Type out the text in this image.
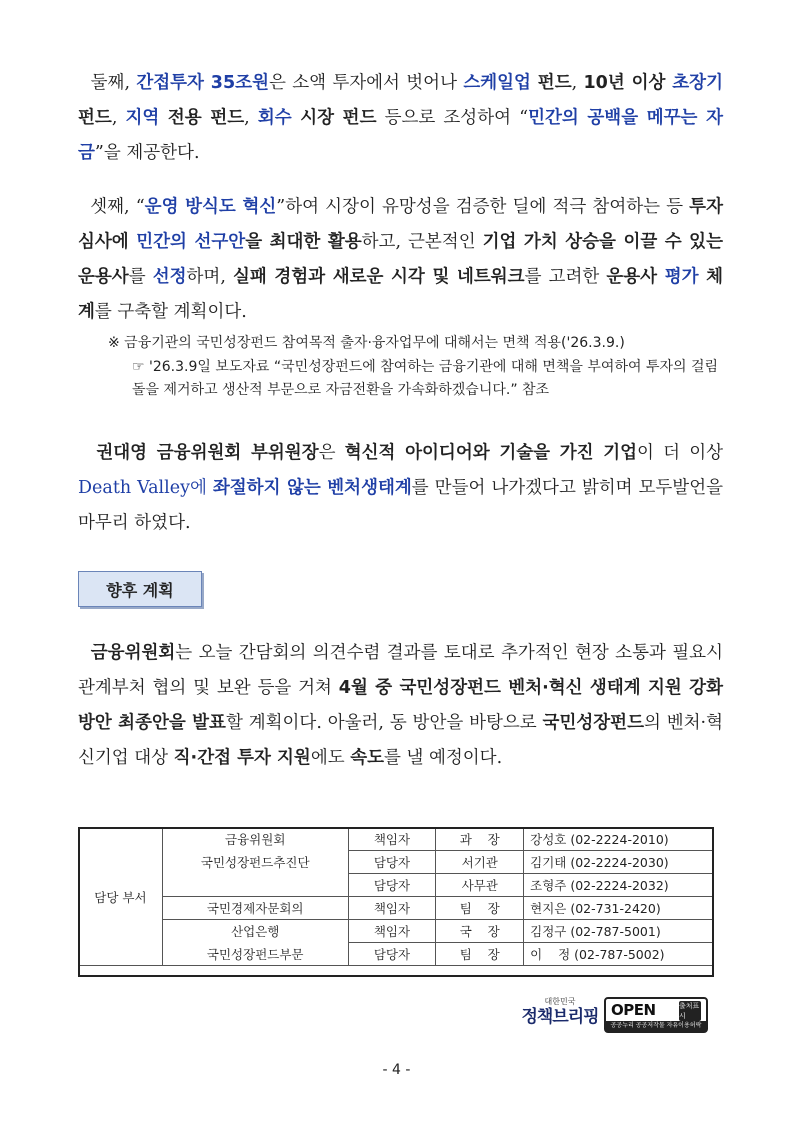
둘째, 간접투자 35조원은 소액 투자에서 벗어나 스케일업 펀드, 10년 이상 초장기 펀드, 지역 전용 펀드, 회수 시장 펀드 등으로 조성하여 “민간의 공백을 메꾸는 자금”을 제공한다.
셋째, “운영 방식도 혁신”하여 시장이 유망성을 검증한 딜에 적극 참여하는 등 투자 심사에 민간의 선구안을 최대한 활용하고, 근본적인 기업 가치 상승을 이끌 수 있는 운용사를 선정하며, 실패 경험과 새로운 시각 및 네트워크를 고려한 운용사 평가 체계를 구축할 계획이다.
※ 금융기관의 국민성장펀드 참여목적 출자·융자업무에 대해서는 면책 적용('26.3.9.)
☞ '26.3.9일 보도자료 “국민성장펀드에 참여하는 금융기관에 대해 면책을 부여하여 투자의 걸림돌을 제거하고 생산적 부문으로 자금전환을 가속화하겠습니다.” 참조
권대영 금융위원회 부위원장은 혁신적 아이디어와 기술을 가진 기업이 더 이상 Death Valley에 좌절하지 않는 벤처생태계를 만들어 나가겠다고 밝히며 모두발언을 마무리 하였다.
향후 계획
금융위원회는 오늘 간담회의 의견수렴 결과를 토대로 추가적인 현장 소통과 필요시 관계부처 협의 및 보완 등을 거쳐 4월 중 국민성장펀드 벤처·혁신 생태계 지원 강화방안 최종안을 발표할 계획이다. 아울러, 동 방안을 바탕으로 국민성장펀드의 벤처·혁신기업 대상 직·간접 투자 지원에도 속도를 낼 예정이다.
담당 부서	금융위원회	책임자	과    장	강성호 (02-2224-2010)
	국민성장펀드추진단	담당자	서기관	김기태 (02-2224-2030)
		담당자	사무관	조형주 (02-2224-2032)
	국민경제자문회의	책임자	팀    장	현지은 (02-731-2420)
	산업은행	책임자	국    장	김정구 (02-787-5001)
	국민성장펀드부문	담당자	팀    장	이    정 (02-787-5002)
대한민국
정책브리핑 OPEN	출처표시
공공누리 공공저작물 자유이용허락
- 4 -
